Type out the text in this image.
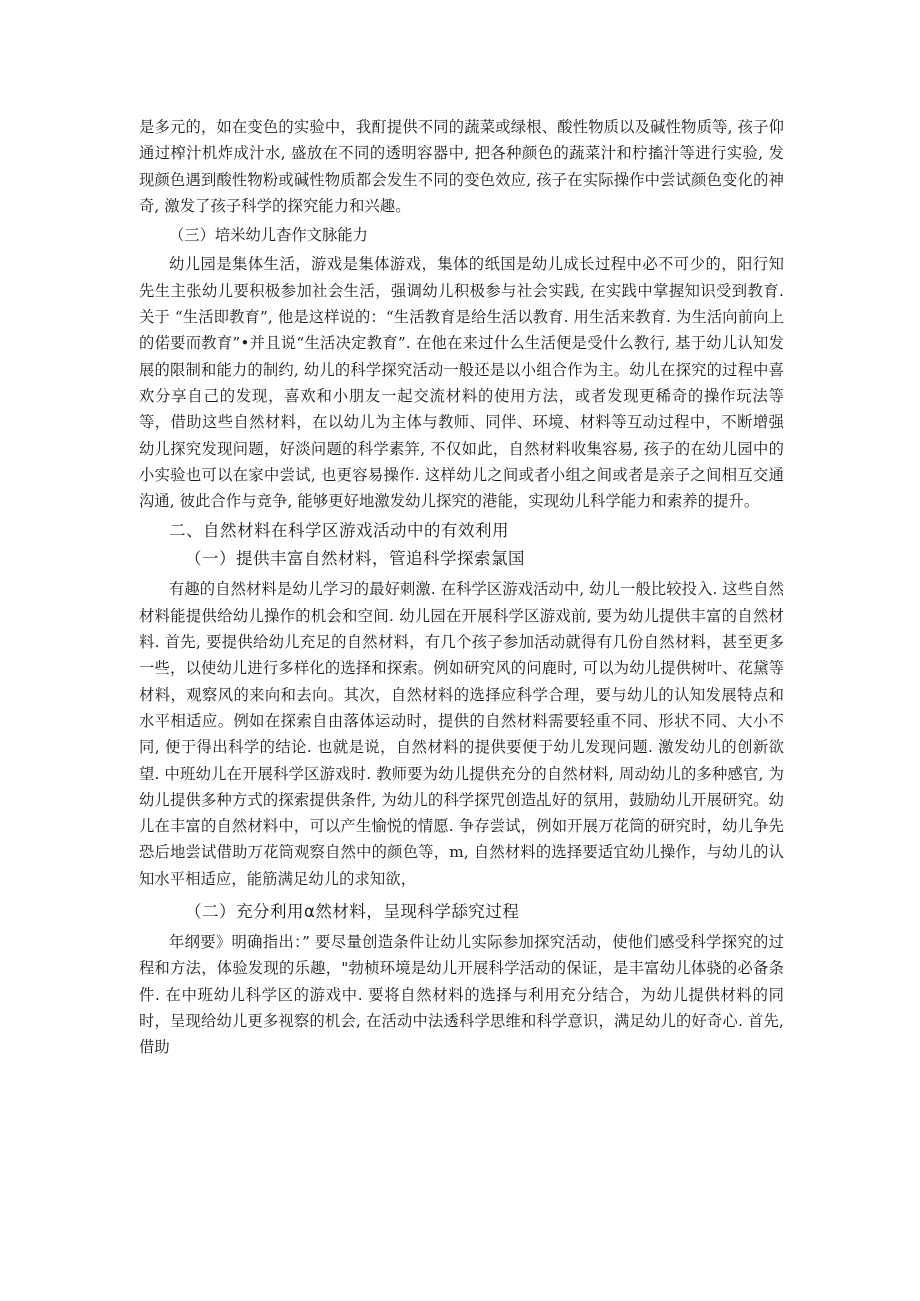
是多元的，如在变色的实验中，我酊提供不同的蔬菜或绿根、酸性物质以及碱性物质等, 孩子仰通过榨汁机炸成汁水, 盛放在不同的透明容器中, 把各种颜色的蔬菜汁和柠搐汁等进行实验, 发现颜色遇到酸性物粉或碱性物质都会发生不同的变色效应, 孩子在实际操作中尝试颜色变化的神奇, 激发了孩子科学的探究能力和兴趣。

（三）培米幼儿杳作文脉能力

幼儿园是集体生活，游戏是集体游戏，集体的纸国是幼儿成长过程中必不可少的，阳行知先生主张幼儿要积极参加社会生活，强调幼儿积极参与社会实践, 在实践中掌握知识受到教育. 关于 “生活即教育”, 他是这样说的：“生活教育是给生活以教育. 用生活来教育. 为生活向前向上的偌要而教育”•并且说“生活决定教育”. 在他在来过什么生活便是受什么教行, 基于幼儿认知发展的限制和能力的制约, 幼儿的科学探究活动一般还是以小组合作为主。幼儿在探究的过程中喜欢分享自己的发现，喜欢和小朋友一起交流材料的使用方法，或者发现更稀奇的操作玩法等等，借助这些自然材料，在以幼儿为主体与教师、同伴、环境、材料等互动过程中，不断增强幼儿探究发现问题，好淡问题的科学素笄, 不仅如此，自然材料收集容易, 孩子的在幼儿园中的小实验也可以在家中尝试, 也更容易操作. 这样幼儿之间或者小组之间或者是亲子之间相互交通沟通, 彼此合作与竞争, 能够更好地激发幼儿探究的港能，实现幼儿科学能力和索养的提升。

二、自然材料在科学区游戏活动中的有效利用
（一）提供丰富自然材料，管追科学探索氯国

有趣的自然材料是幼儿学习的最好刺激. 在科学区游戏活动中, 幼儿一般比较投入. 这些自然材料能提供给幼儿操作的机会和空间. 幼儿园在开展科学区游戏前, 要为幼儿提供丰富的自然材料. 首先, 要提供给幼儿充足的自然材料，有几个孩子参加活动就得有几份自然材料，甚至更多一些，以使幼儿进行多样化的选择和探索。例如研究风的问鹿时, 可以为幼儿提供树叶、花黛等材料，观察风的来向和去向。其次，自然材料的选择应科学合理，要与幼儿的认知发展特点和水平相适应。例如在探索自由落体运动时，提供的自然材料需要轻重不同、形状不同、大小不同, 便于得出科学的结论. 也就是说，自然材料的提供要便于幼儿发现问题. 激发幼儿的创新欲望. 中班幼儿在开展科学区游戏时. 教师要为幼儿提供充分的自然材料, 周动幼儿的多种感官, 为幼儿提供多种方式的探索提供条件, 为幼儿的科学探咒创造乩好的氛用，鼓励幼儿开展研究。幼儿在丰富的自然材料中，可以产生愉悦的情愿. 争存尝试，例如开展万花筒的研究时，幼儿争先恐后地尝试借助万花筒观察自然中的颜色等，m, 自然材料的选择要适宜幼儿操作，与幼儿的认知水平相适应，能筋满足幼儿的求知欲，

（二）充分利用α然材料，呈现科学舔究过程

年纲要》明确指出：” 要尽量创造条件让幼儿实际参加探究活动，使他们感受科学探究的过程和方法，体验发现的乐趣，"勃桢环境是幼儿开展科学活动的保证，是丰富幼儿体骁的必备条件. 在中班幼儿科学区的游戏中. 要将自然材料的选择与利用充分结合，为幼儿提供材料的同时，呈现给幼儿更多视察的机会, 在活动中法透科学思维和科学意识，满足幼儿的好奇心. 首先, 借助
